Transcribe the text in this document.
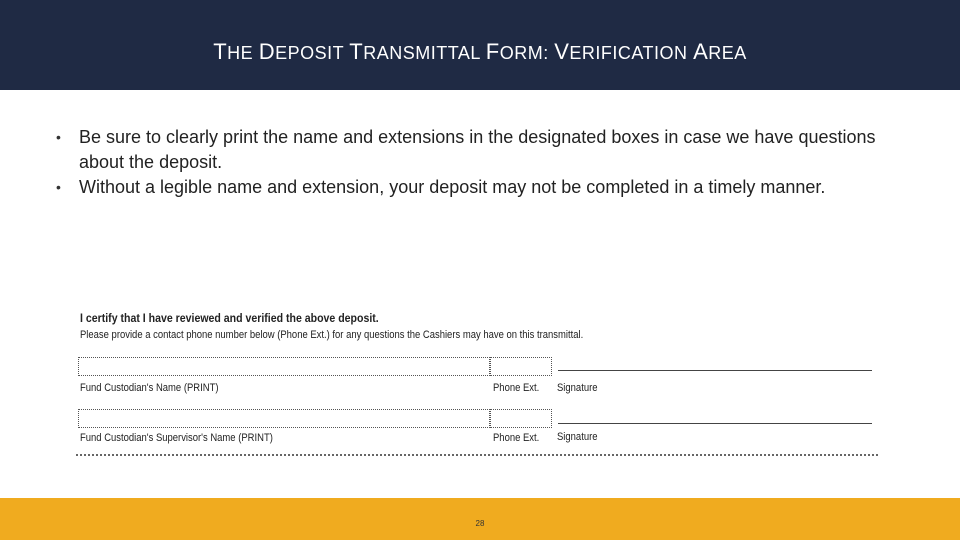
THE DEPOSIT TRANSMITTAL FORM: VERIFICATION AREA
• Be sure to clearly print the name and extensions in the designated boxes in case we have questions about the deposit.
• Without a legible name and extension, your deposit may not be completed in a timely manner.
I certify that I have reviewed and verified the above deposit.
Please provide a contact phone number below (Phone Ext.) for any questions the Cashiers may have on this transmittal.
Fund Custodian's Name (PRINT)	Phone Ext. Signature
Fund Custodian's Supervisor's Name (PRINT)	Phone Ext. Signature
28
